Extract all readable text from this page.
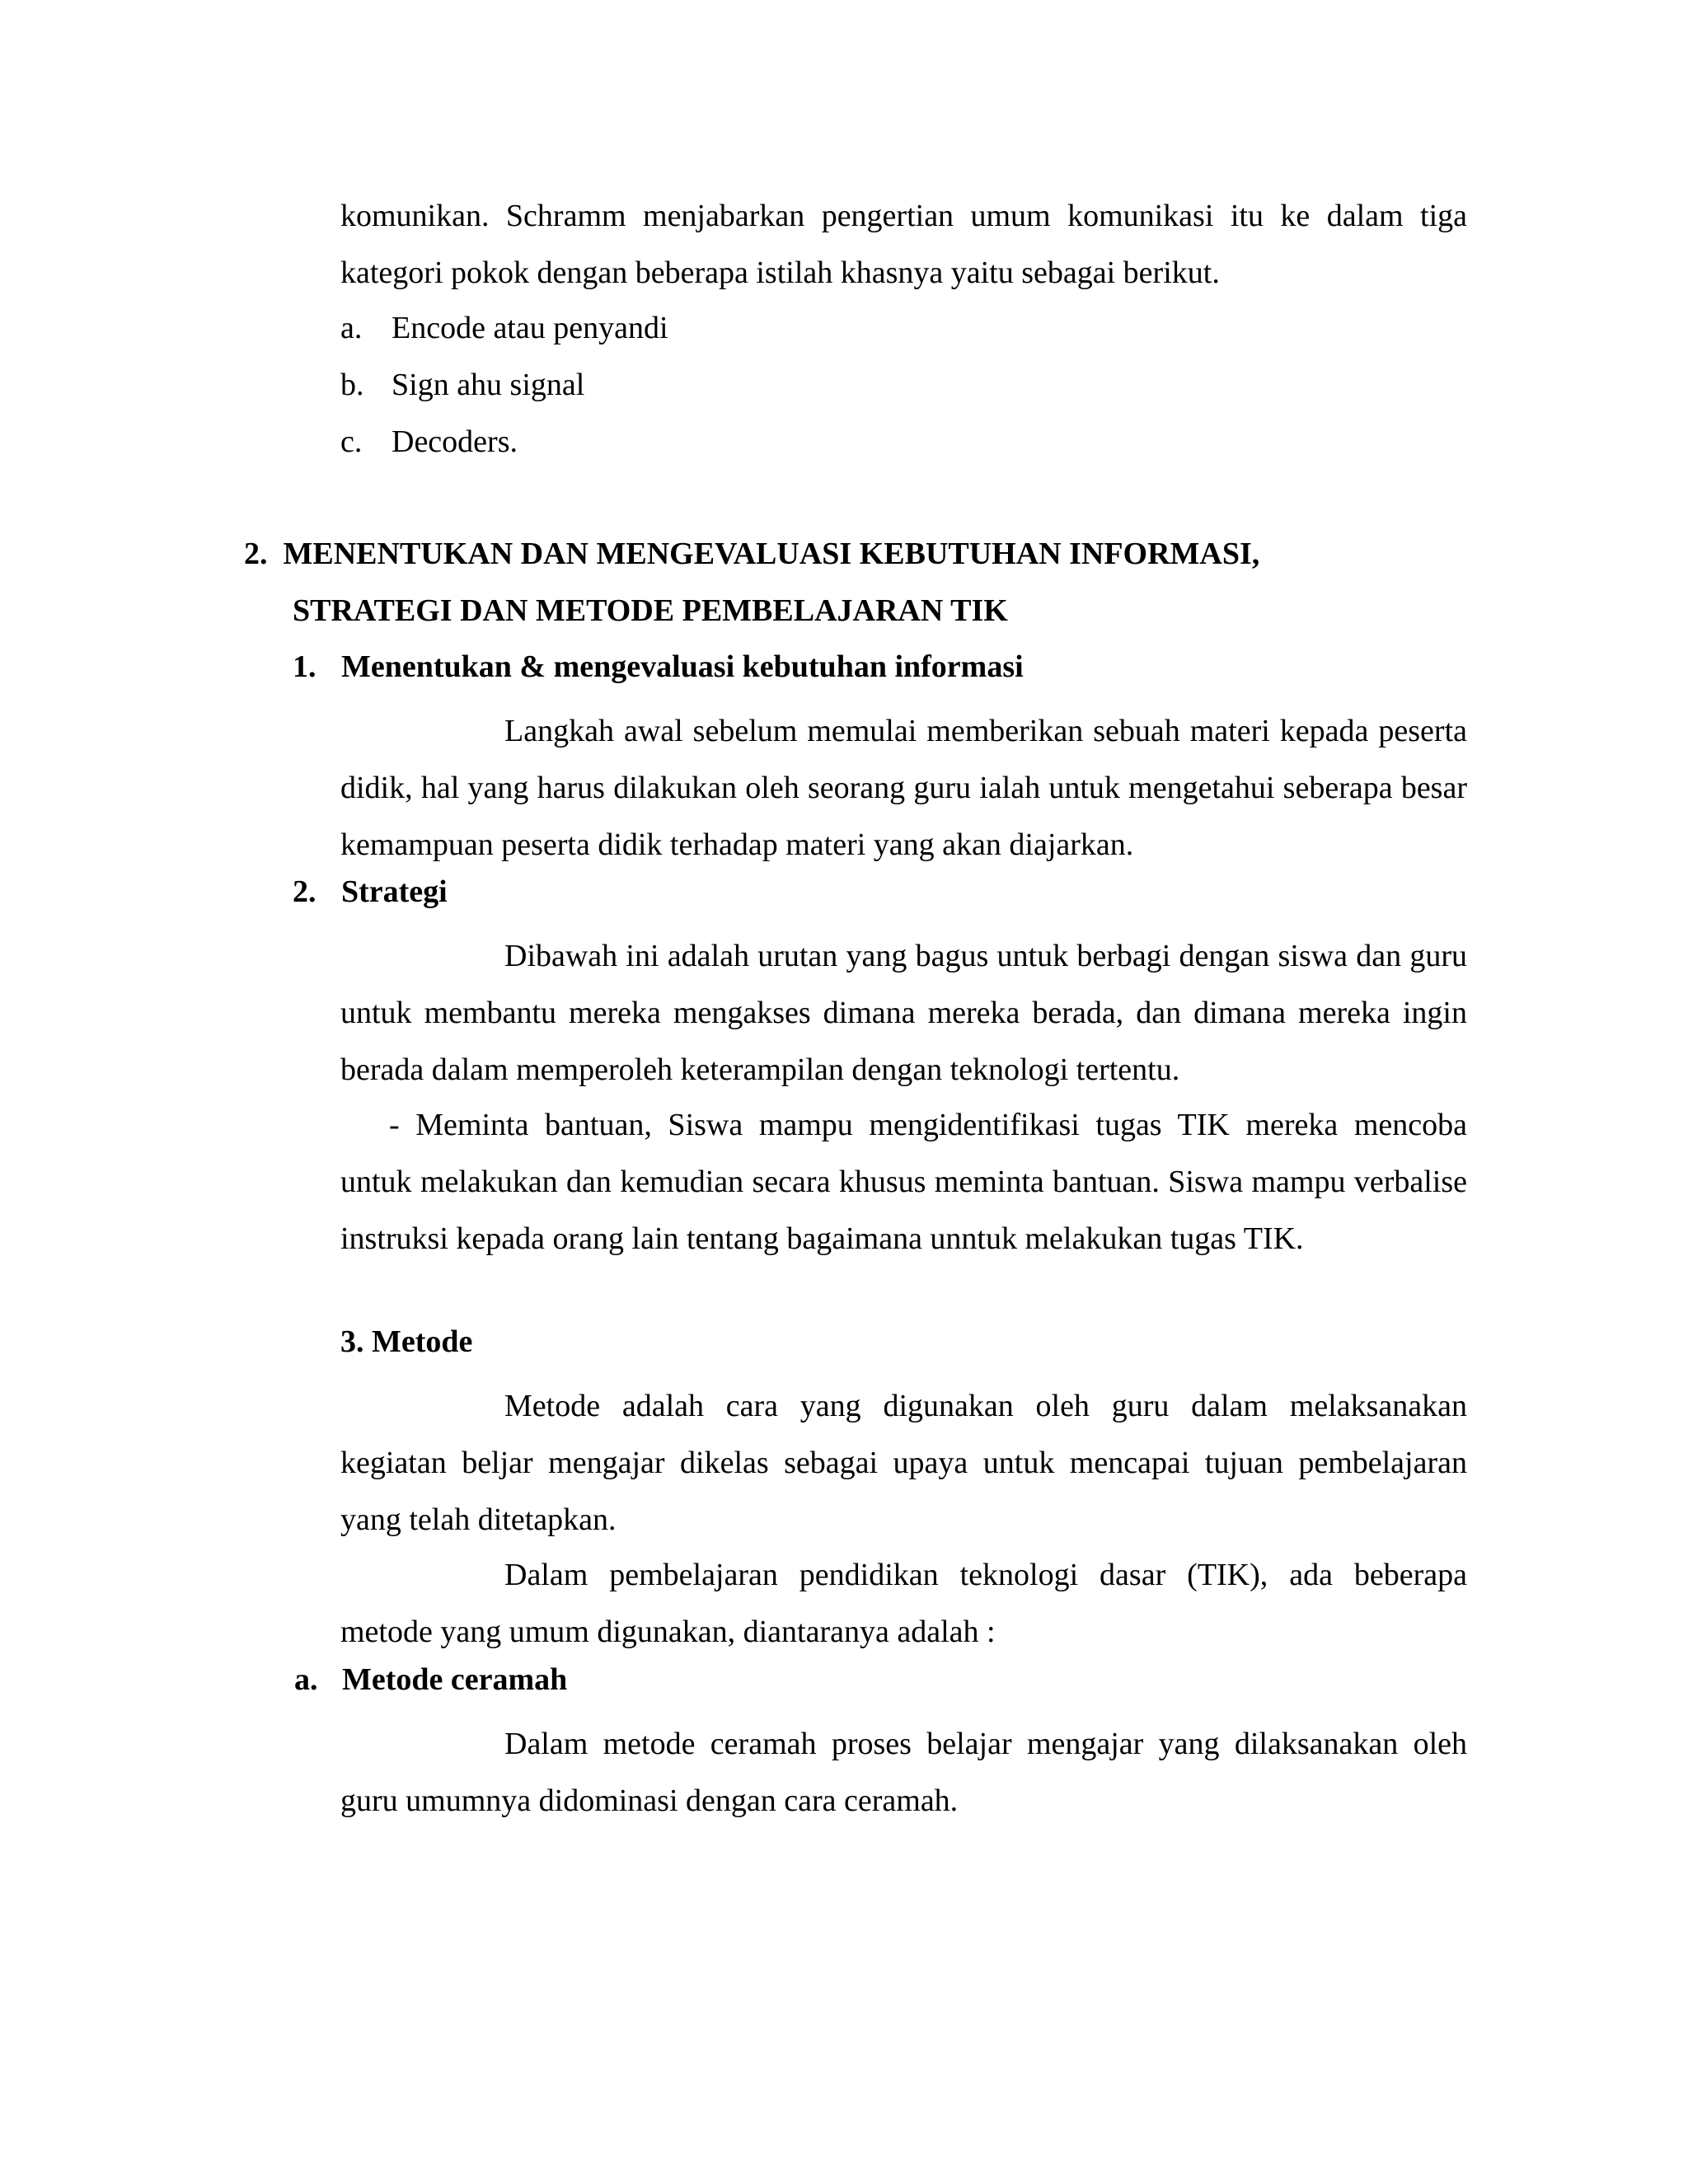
komunikan. Schramm menjabarkan pengertian umum komunikasi itu ke dalam tiga kategori pokok dengan beberapa istilah khasnya yaitu sebagai berikut.
a. Encode atau penyandi
b. Sign ahu signal
c. Decoders.
2.  MENENTUKAN DAN MENGEVALUASI KEBUTUHAN INFORMASI,
STRATEGI DAN METODE PEMBELAJARAN TIK
1. Menentukan & mengevaluasi kebutuhan informasi
Langkah awal sebelum memulai memberikan sebuah materi kepada peserta didik, hal yang harus dilakukan oleh seorang guru ialah untuk mengetahui seberapa besar kemampuan peserta didik terhadap materi yang akan diajarkan.
2. Strategi
Dibawah ini adalah urutan yang bagus untuk berbagi dengan siswa dan guru untuk membantu mereka mengakses dimana mereka berada, dan dimana mereka ingin berada dalam memperoleh keterampilan dengan teknologi tertentu.
- Meminta bantuan, Siswa mampu mengidentifikasi tugas TIK mereka mencoba untuk melakukan dan kemudian secara khusus meminta bantuan. Siswa mampu verbalise instruksi kepada orang lain tentang bagaimana unntuk melakukan tugas TIK.
3. Metode
Metode adalah cara yang digunakan oleh guru dalam melaksanakan kegiatan beljar mengajar dikelas sebagai upaya untuk mencapai tujuan pembelajaran yang telah ditetapkan.
Dalam pembelajaran pendidikan teknologi dasar (TIK), ada beberapa metode yang umum digunakan, diantaranya adalah :
a. Metode ceramah
Dalam metode ceramah proses belajar mengajar yang dilaksanakan oleh guru umumnya didominasi dengan cara ceramah.
